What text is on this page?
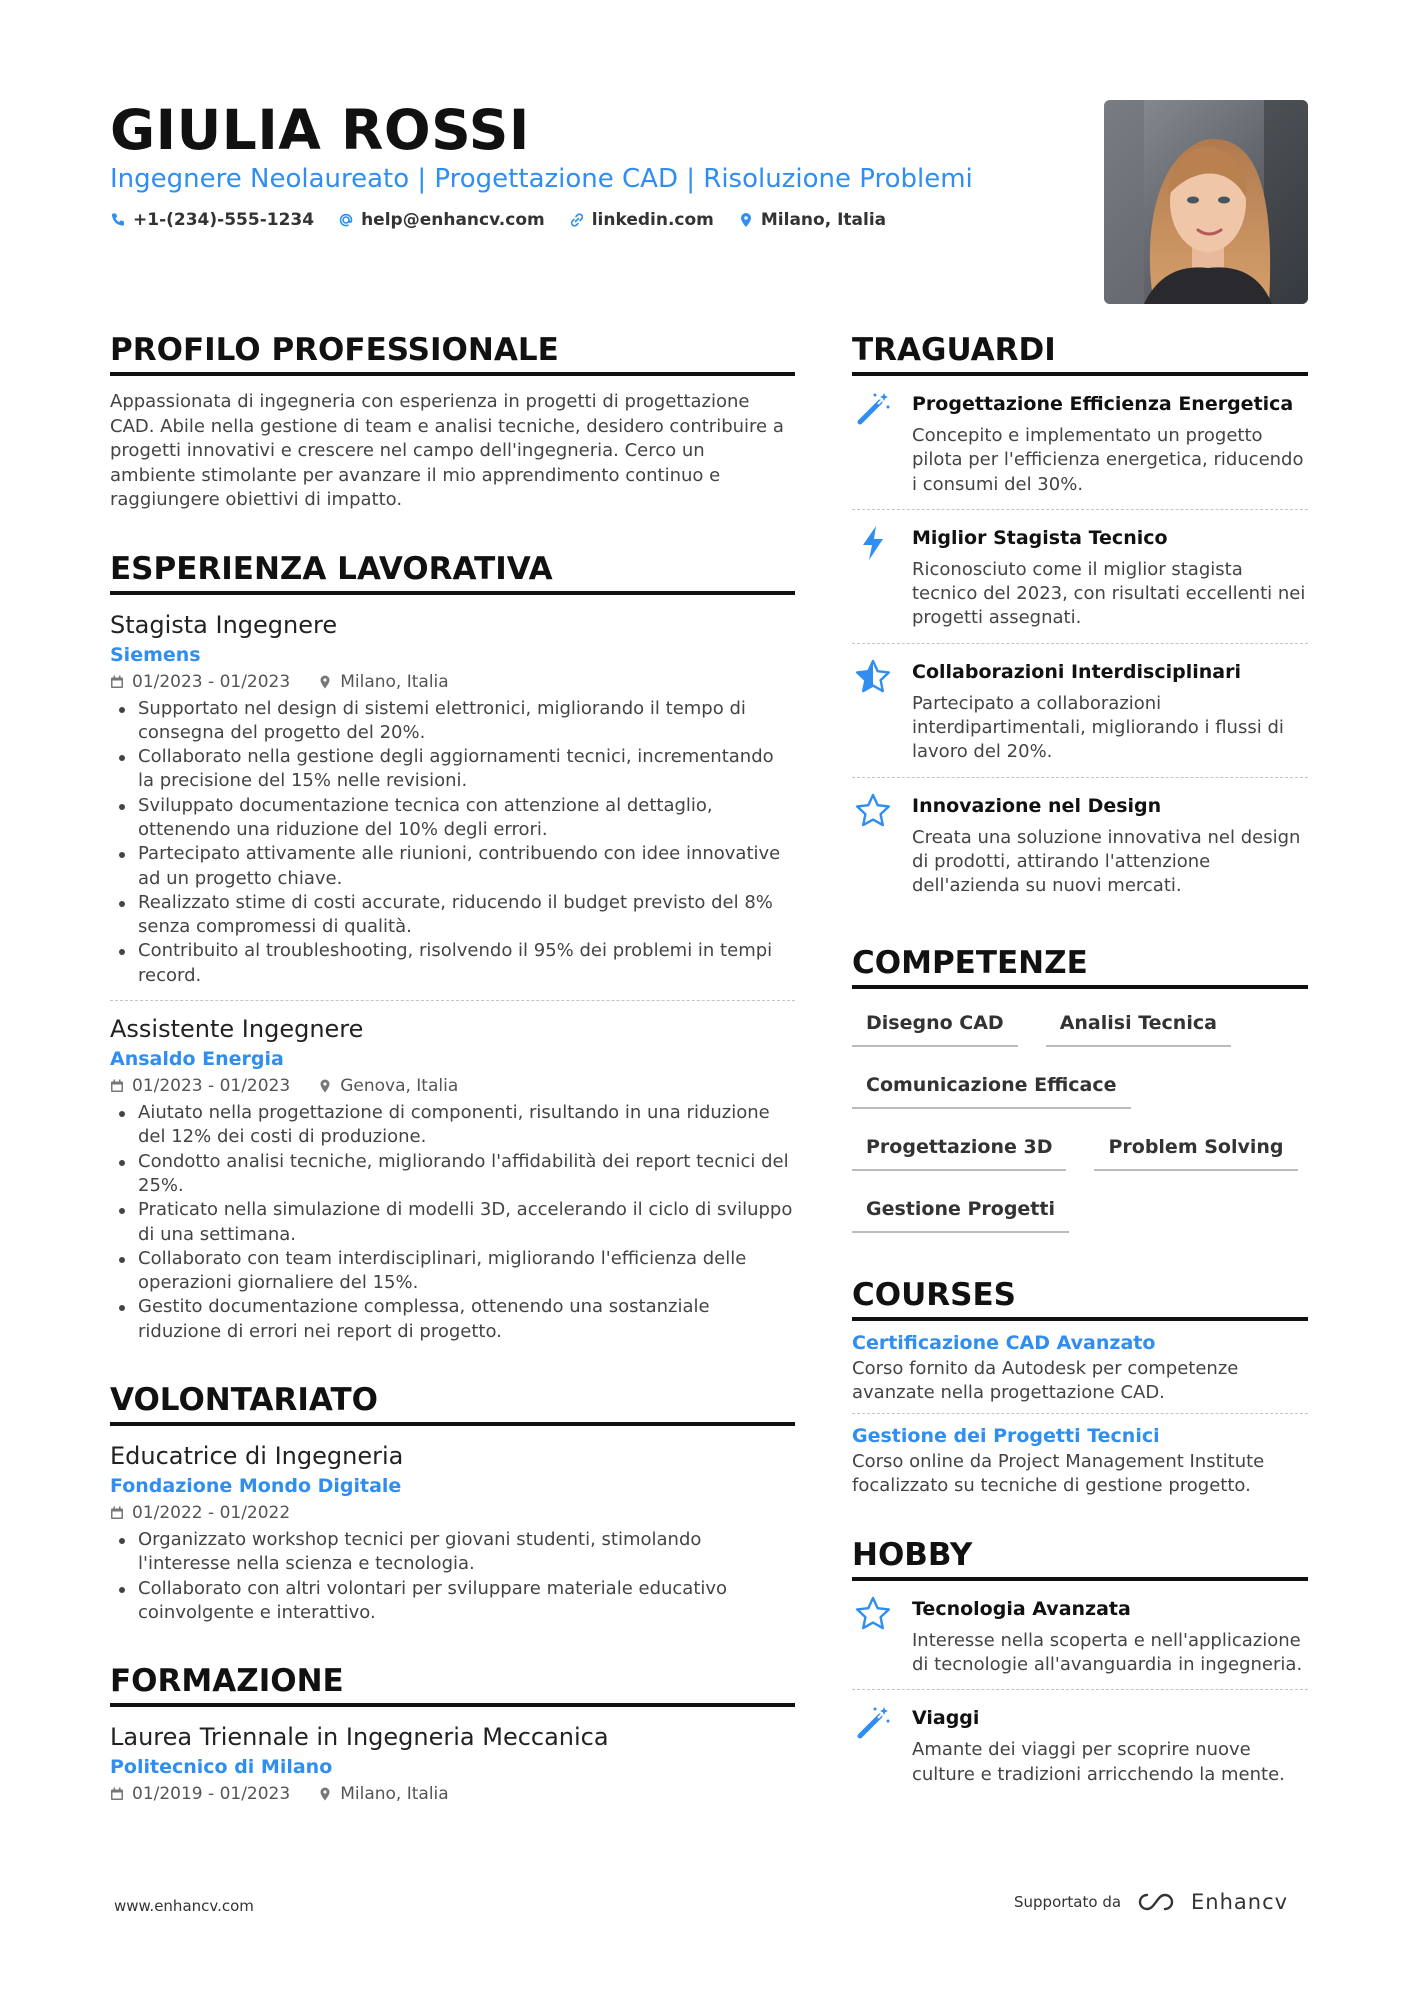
GIULIA ROSSI
Ingegnere Neolaureato | Progettazione CAD | Risoluzione Problemi
+1-(234)-555-1234	help@enhancv.com	linkedin.com	Milano, Italia
PROFILO PROFESSIONALE
Appassionata di ingegneria con esperienza in progetti di progettazione CAD. Abile nella gestione di team e analisi tecniche, desidero contribuire a progetti innovativi e crescere nel campo dell'ingegneria. Cerco un ambiente stimolante per avanzare il mio apprendimento continuo e raggiungere obiettivi di impatto.
ESPERIENZA LAVORATIVA
Stagista Ingegnere
Siemens
01/2023 - 01/2023	Milano, Italia
Supportato nel design di sistemi elettronici, migliorando il tempo di consegna del progetto del 20%.
Collaborato nella gestione degli aggiornamenti tecnici, incrementando la precisione del 15% nelle revisioni.
Sviluppato documentazione tecnica con attenzione al dettaglio, ottenendo una riduzione del 10% degli errori.
Partecipato attivamente alle riunioni, contribuendo con idee innovative ad un progetto chiave.
Realizzato stime di costi accurate, riducendo il budget previsto del 8% senza compromessi di qualità.
Contribuito al troubleshooting, risolvendo il 95% dei problemi in tempi record.
Assistente Ingegnere
Ansaldo Energia
01/2023 - 01/2023	Genova, Italia
Aiutato nella progettazione di componenti, risultando in una riduzione del 12% dei costi di produzione.
Condotto analisi tecniche, migliorando l'affidabilità dei report tecnici del 25%.
Praticato nella simulazione di modelli 3D, accelerando il ciclo di sviluppo di una settimana.
Collaborato con team interdisciplinari, migliorando l'efficienza delle operazioni giornaliere del 15%.
Gestito documentazione complessa, ottenendo una sostanziale riduzione di errori nei report di progetto.
VOLONTARIATO
Educatrice di Ingegneria
Fondazione Mondo Digitale
01/2022 - 01/2022
Organizzato workshop tecnici per giovani studenti, stimolando l'interesse nella scienza e tecnologia.
Collaborato con altri volontari per sviluppare materiale educativo coinvolgente e interattivo.
FORMAZIONE
Laurea Triennale in Ingegneria Meccanica
Politecnico di Milano
01/2019 - 01/2023	Milano, Italia
TRAGUARDI
Progettazione Efficienza Energetica
Concepito e implementato un progetto pilota per l'efficienza energetica, riducendo i consumi del 30%.
Miglior Stagista Tecnico
Riconosciuto come il miglior stagista tecnico del 2023, con risultati eccellenti nei progetti assegnati.
Collaborazioni Interdisciplinari
Partecipato a collaborazioni interdipartimentali, migliorando i flussi di lavoro del 20%.
Innovazione nel Design
Creata una soluzione innovativa nel design di prodotti, attirando l'attenzione dell'azienda su nuovi mercati.
COMPETENZE
Disegno CAD	Analisi Tecnica
Comunicazione Efficace
Progettazione 3D	Problem Solving
Gestione Progetti
COURSES
Certificazione CAD Avanzato
Corso fornito da Autodesk per competenze avanzate nella progettazione CAD.
Gestione dei Progetti Tecnici
Corso online da Project Management Institute focalizzato su tecniche di gestione progetto.
HOBBY
Tecnologia Avanzata
Interesse nella scoperta e nell'applicazione di tecnologie all'avanguardia in ingegneria.
Viaggi
Amante dei viaggi per scoprire nuove culture e tradizioni arricchendo la mente.
www.enhancv.com	Supportato da	Enhancv
